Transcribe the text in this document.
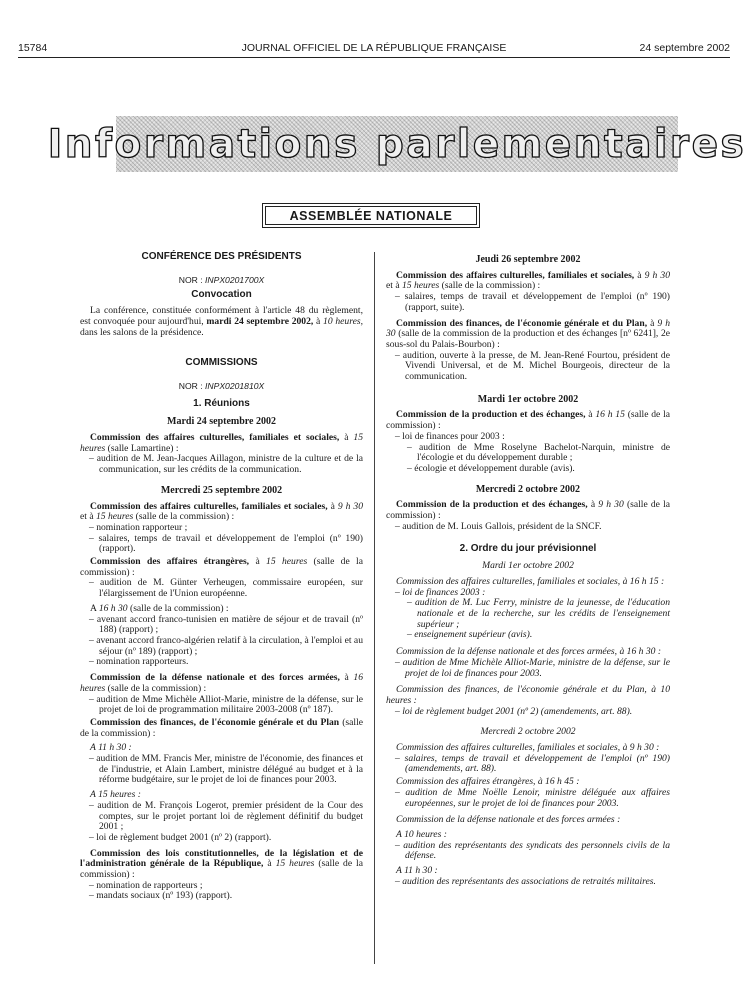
15784	JOURNAL OFFICIEL DE LA RÉPUBLIQUE FRANÇAISE	24 septembre 2002
Informations parlementaires
ASSEMBLÉE NATIONALE

CONFÉRENCE DES PRÉSIDENTS

NOR : INPX0201700X

Convocation

La conférence, constituée conformément à l'article 48 du règlement, est convoquée pour aujourd'hui, mardi 24 septembre 2002, à 10 heures, dans les salons de la présidence.

COMMISSIONS

NOR : INPX0201810X

1. Réunions

Mardi 24 septembre 2002

Commission des affaires culturelles, familiales et sociales, à 15 heures (salle Lamartine) :

– audition de M. Jean-Jacques Aillagon, ministre de la culture et de la communication, sur les crédits de la communication.

Mercredi 25 septembre 2002

Commission des affaires culturelles, familiales et sociales, à 9 h 30 et à 15 heures (salle de la commission) :

– nomination rapporteur ;

– salaires, temps de travail et développement de l'emploi (nº 190) (rapport).

Commission des affaires étrangères, à 15 heures (salle de la commission) :

– audition de M. Günter Verheugen, commissaire européen, sur l'élargissement de l'Union européenne.

A 16 h 30 (salle de la commission) :

– avenant accord franco-tunisien en matière de séjour et de travail (nº 188) (rapport) ;

– avenant accord franco-algérien relatif à la circulation, à l'emploi et au séjour (nº 189) (rapport) ;

– nomination rapporteurs.

Commission de la défense nationale et des forces armées, à 16 heures (salle de la commission) :

– audition de Mme Michèle Alliot-Marie, ministre de la défense, sur le projet de loi de programmation militaire 2003-2008 (nº 187).

Commission des finances, de l'économie générale et du Plan (salle de la commission) :

A 11 h 30 :

– audition de MM. Francis Mer, ministre de l'économie, des finances et de l'industrie, et Alain Lambert, ministre délégué au budget et à la réforme budgétaire, sur le projet de loi de finances pour 2003.

A 15 heures :

– audition de M. François Logerot, premier président de la Cour des comptes, sur le projet portant loi de règlement définitif du budget 2001 ;

– loi de règlement budget 2001 (nº 2) (rapport).

Commission des lois constitutionnelles, de la législation et de l'administration générale de la République, à 15 heures (salle de la commission) :

– nomination de rapporteurs ;

– mandats sociaux (nº 193) (rapport).

Jeudi 26 septembre 2002

Commission des affaires culturelles, familiales et sociales, à 9 h 30 et à 15 heures (salle de la commission) :

– salaires, temps de travail et développement de l'emploi (nº 190) (rapport, suite).

Commission des finances, de l'économie générale et du Plan, à 9 h 30 (salle de la commission de la production et des échanges [nº 6241], 2e sous-sol du Palais-Bourbon) :

– audition, ouverte à la presse, de M. Jean-René Fourtou, président de Vivendi Universal, et de M. Michel Bourgeois, directeur de la communication.

Mardi 1er octobre 2002

Commission de la production et des échanges, à 16 h 15 (salle de la commission) :

– loi de finances pour 2003 :

– audition de Mme Roselyne Bachelot-Narquin, ministre de l'écologie et du développement durable ;

– écologie et développement durable (avis).

Mercredi 2 octobre 2002

Commission de la production et des échanges, à 9 h 30 (salle de la commission) :

– audition de M. Louis Gallois, président de la SNCF.

2. Ordre du jour prévisionnel

Mardi 1er octobre 2002

Commission des affaires culturelles, familiales et sociales, à 16 h 15 :

– loi de finances 2003 :

– audition de M. Luc Ferry, ministre de la jeunesse, de l'éducation nationale et de la recherche, sur les crédits de l'enseignement supérieur ;

– enseignement supérieur (avis).

Commission de la défense nationale et des forces armées, à 16 h 30 :

– audition de Mme Michèle Alliot-Marie, ministre de la défense, sur le projet de loi de finances pour 2003.

Commission des finances, de l'économie générale et du Plan, à 10 heures :

– loi de règlement budget 2001 (nº 2) (amendements, art. 88).

Mercredi 2 octobre 2002

Commission des affaires culturelles, familiales et sociales, à 9 h 30 :

– salaires, temps de travail et développement de l'emploi (nº 190) (amendements, art. 88).

Commission des affaires étrangères, à 16 h 45 :

– audition de Mme Noëlle Lenoir, ministre déléguée aux affaires européennes, sur le projet de loi de finances pour 2003.

Commission de la défense nationale et des forces armées :

A 10 heures :

– audition des représentants des syndicats des personnels civils de la défense.

A 11 h 30 :

– audition des représentants des associations de retraités militaires.
